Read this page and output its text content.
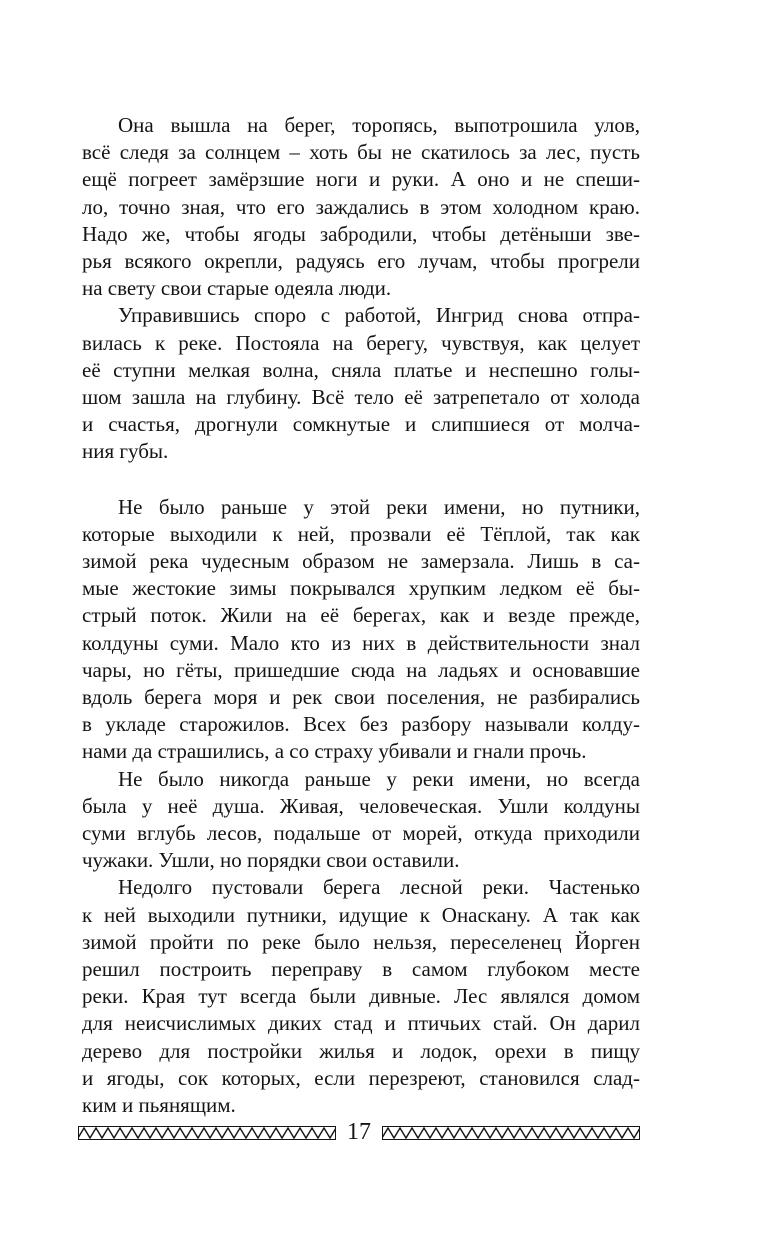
Она вышла на берег, торопясь, выпотрошила улов,
всё следя за солнцем – хоть бы не скатилось за лес, пусть
ещё погреет замёрзшие ноги и руки. А оно и не спеши-
ло, точно зная, что его заждались в этом холодном краю.
Надо же, чтобы ягоды забродили, чтобы детёныши зве-
рья всякого окрепли, радуясь его лучам, чтобы прогрели
на свету свои старые одеяла люди.
Управившись споро с работой, Ингрид снова отпра-
вилась к реке. Постояла на берегу, чувствуя, как целует
её ступни мелкая волна, сняла платье и неспешно голы-
шом зашла на глубину. Всё тело её затрепетало от холода
и счастья, дрогнули сомкнутые и слипшиеся от молча-
ния губы.
Не было раньше у этой реки имени, но путники,
которые выходили к ней, прозвали её Тёплой, так как
зимой река чудесным образом не замерзала. Лишь в са-
мые жестокие зимы покрывался хрупким ледком её бы-
стрый поток. Жили на её берегах, как и везде прежде,
колдуны суми. Мало кто из них в действительности знал
чары, но гёты, пришедшие сюда на ладьях и основавшие
вдоль берега моря и рек свои поселения, не разбирались
в укладе старожилов. Всех без разбору называли колду-
нами да страшились, а со страху убивали и гнали прочь.
Не было никогда раньше у реки имени, но всегда
была у неё душа. Живая, человеческая. Ушли колдуны
суми вглубь лесов, подальше от морей, откуда приходили
чужаки. Ушли, но порядки свои оставили.
Недолго пустовали берега лесной реки. Частенько
к ней выходили путники, идущие к Онаскану. А так как
зимой пройти по реке было нельзя, переселенец Йорген
решил построить переправу в самом глубоком месте
реки. Края тут всегда были дивные. Лес являлся домом
для неисчислимых диких стад и птичьих стай. Он дарил
дерево для постройки жилья и лодок, орехи в пищу
и ягоды, сок которых, если перезреют, становился слад-
ким и пьянящим.
17
